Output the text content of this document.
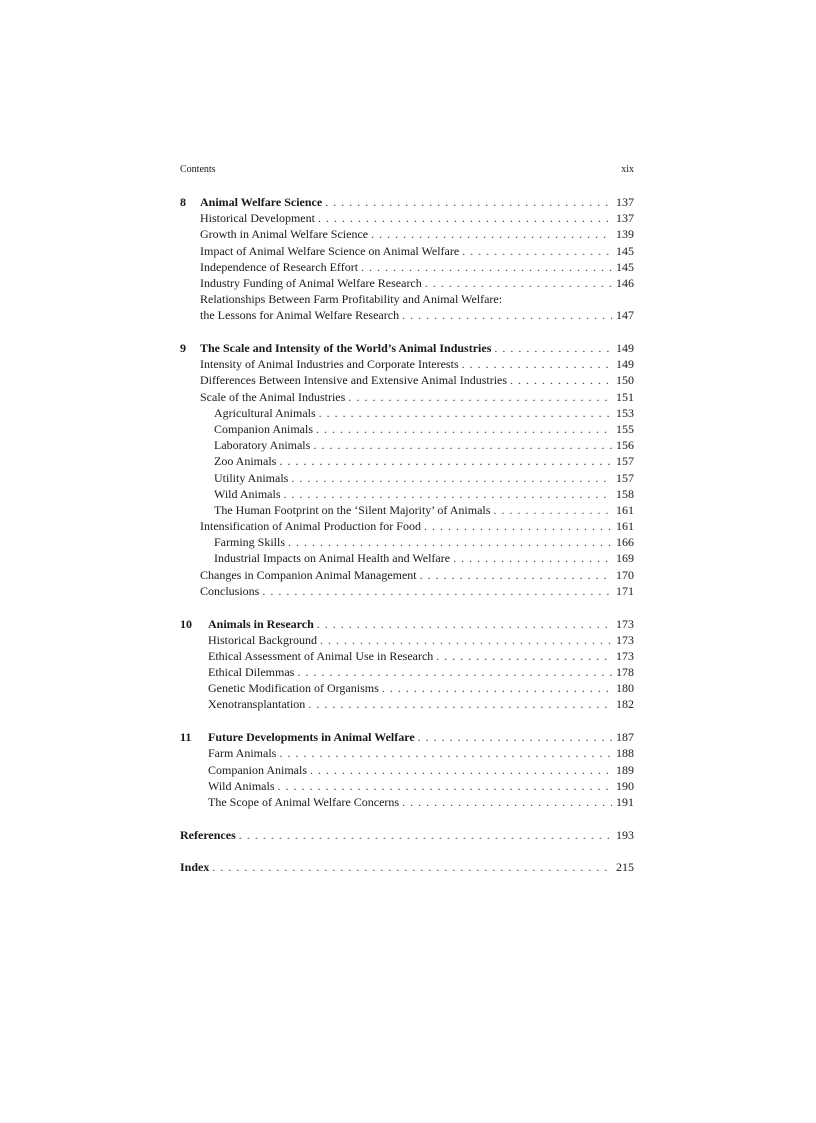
Contents	xix
8	Animal Welfare Science . . .	137
Historical Development . . .	137
Growth in Animal Welfare Science . . .	139
Impact of Animal Welfare Science on Animal Welfare . . .	145
Independence of Research Effort . . .	145
Industry Funding of Animal Welfare Research . . .	146
Relationships Between Farm Profitability and Animal Welfare:
the Lessons for Animal Welfare Research . . .	147
9	The Scale and Intensity of the World’s Animal Industries . . .	149
Intensity of Animal Industries and Corporate Interests . . .	149
Differences Between Intensive and Extensive Animal Industries . . .	150
Scale of the Animal Industries . . .	151
Agricultural Animals . . .	153
Companion Animals . . .	155
Laboratory Animals . . .	156
Zoo Animals . . .	157
Utility Animals . . .	157
Wild Animals . . .	158
The Human Footprint on the ‘Silent Majority’ of Animals . . .	161
Intensification of Animal Production for Food . . .	161
Farming Skills . . .	166
Industrial Impacts on Animal Health and Welfare . . .	169
Changes in Companion Animal Management . . .	170
Conclusions . . .	171
10	Animals in Research . . .	173
Historical Background . . .	173
Ethical Assessment of Animal Use in Research . . .	173
Ethical Dilemmas . . .	178
Genetic Modification of Organisms . . .	180
Xenotransplantation . . .	182
11	Future Developments in Animal Welfare . . .	187
Farm Animals . . .	188
Companion Animals . . .	189
Wild Animals . . .	190
The Scope of Animal Welfare Concerns . . .	191
References . . .	193
Index . . .	215
